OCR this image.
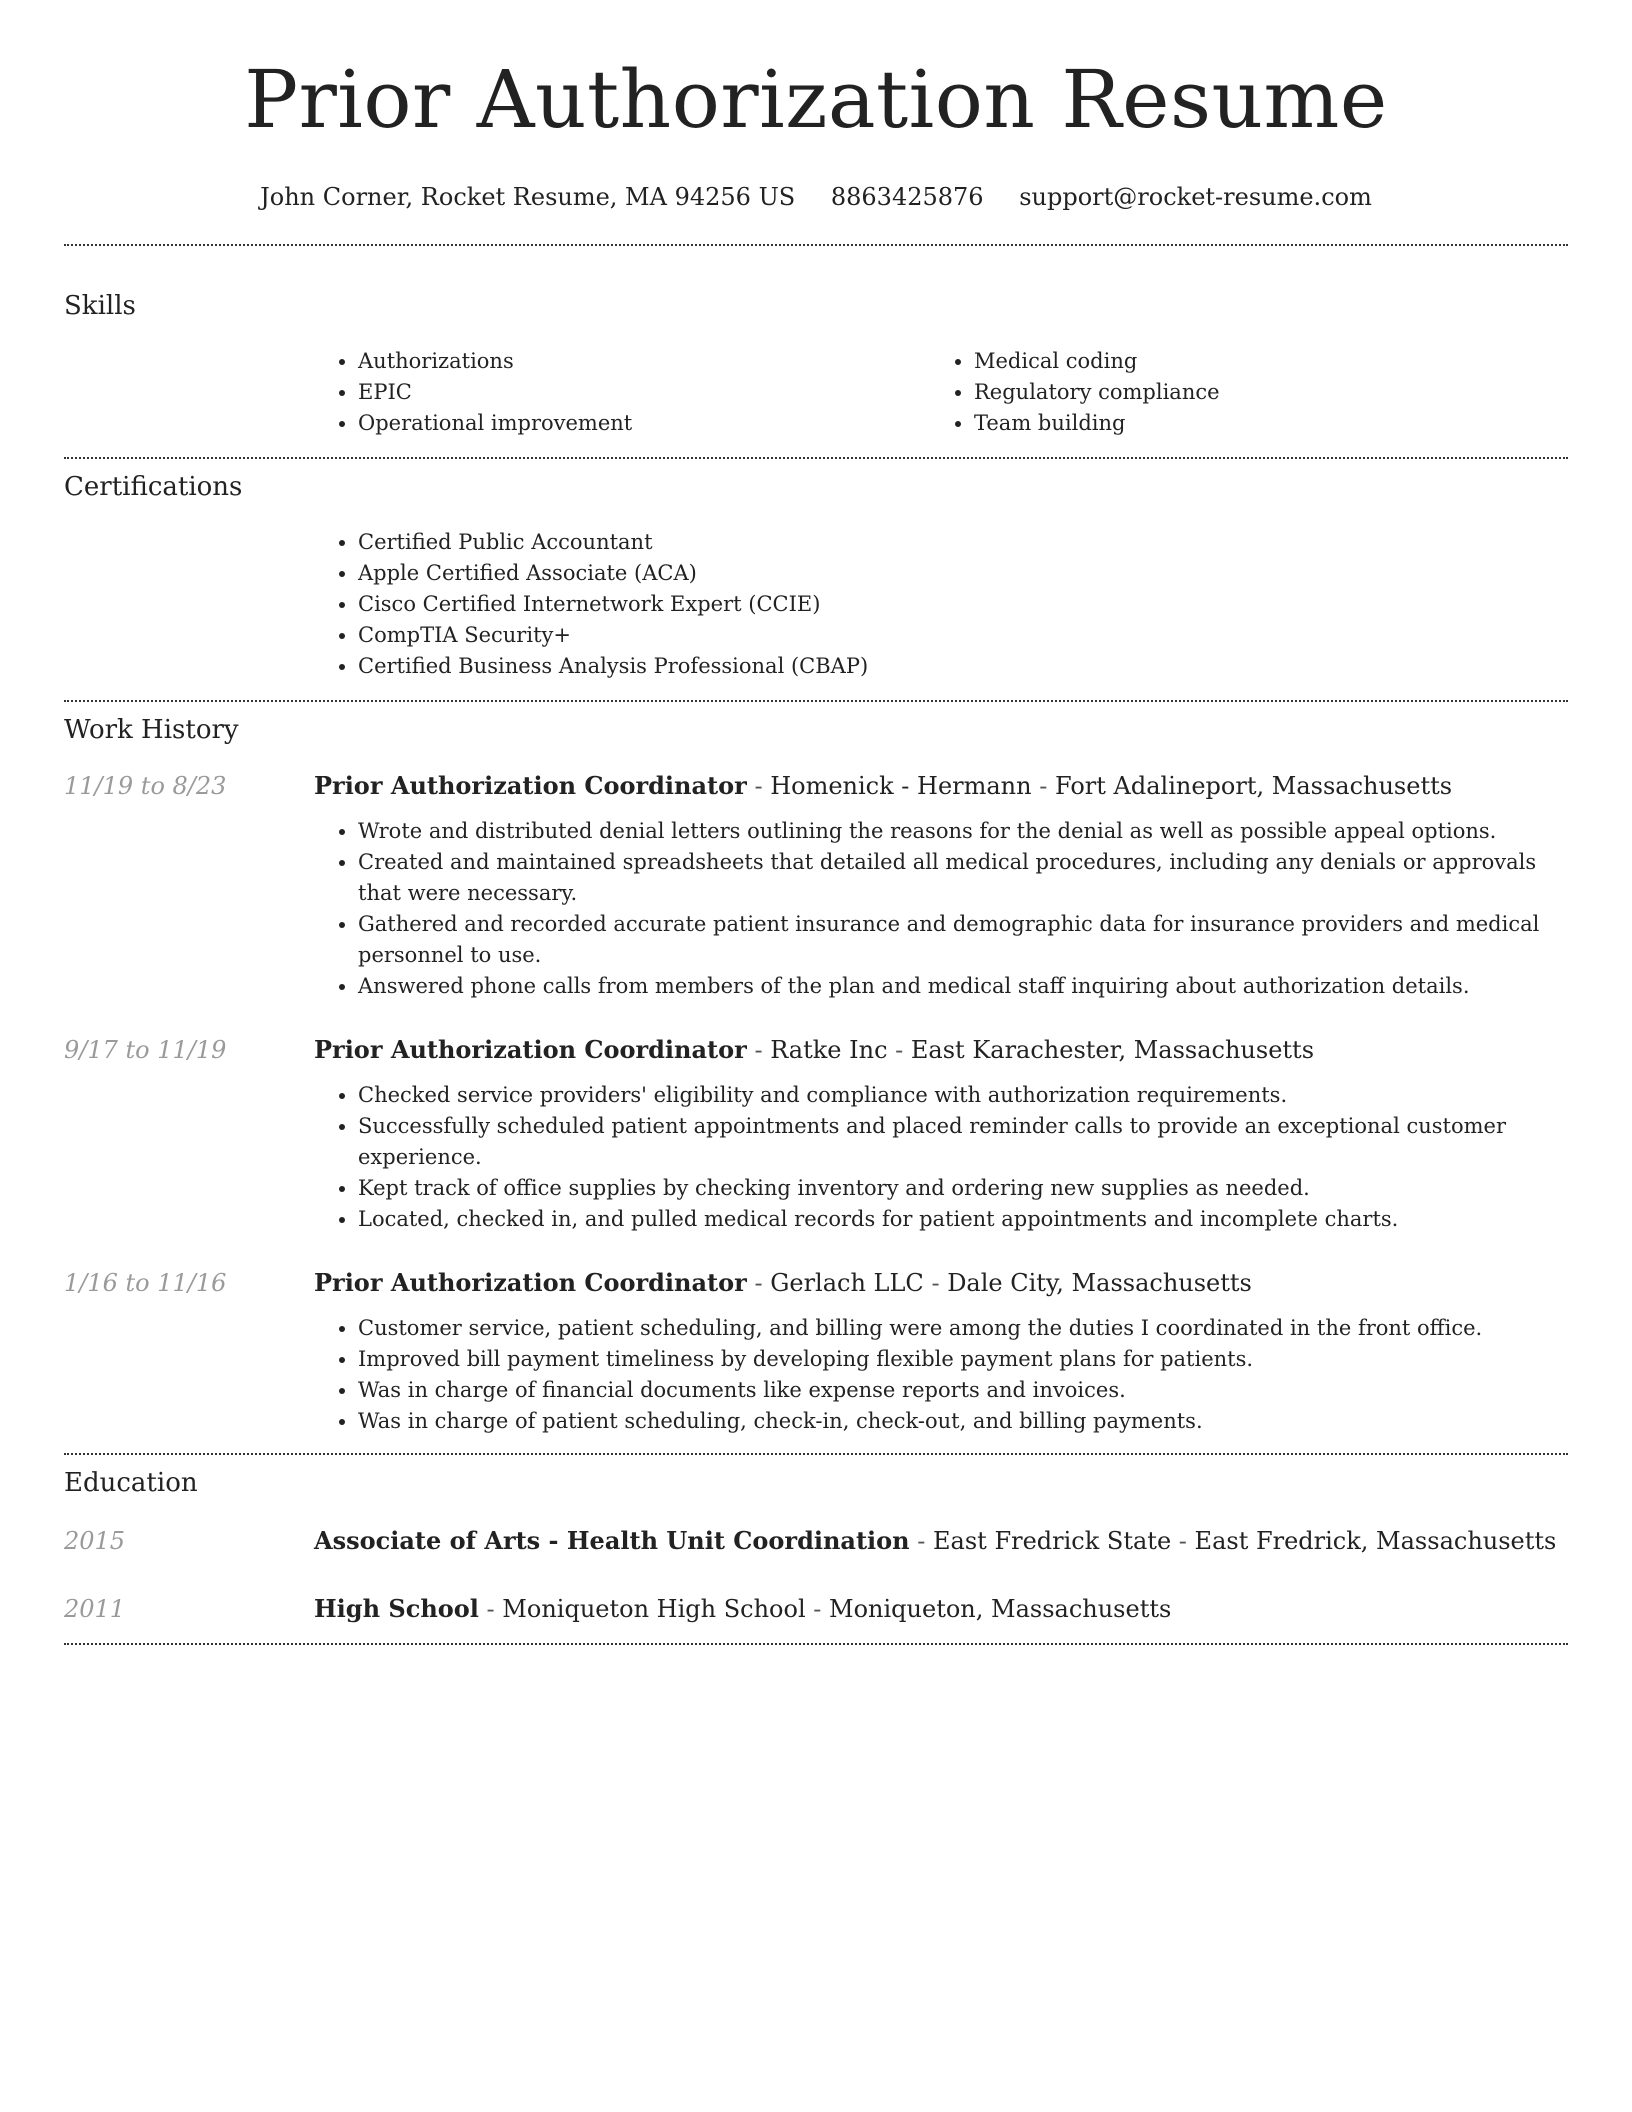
Prior Authorization Resume
John Corner, Rocket Resume, MA 94256 US 8863425876 support@rocket-resume.com
Skills
• Authorizations
• EPIC
• Operational improvement
• Medical coding
• Regulatory compliance
• Team building
Certifications
• Certified Public Accountant
• Apple Certified Associate (ACA)
• Cisco Certified Internetwork Expert (CCIE)
• CompTIA Security+
• Certified Business Analysis Professional (CBAP)
Work History
11/19 to 8/23	Prior Authorization Coordinator - Homenick - Hermann - Fort Adalineport, Massachusetts
• Wrote and distributed denial letters outlining the reasons for the denial as well as possible appeal options.
• Created and maintained spreadsheets that detailed all medical procedures, including any denials or approvals that were necessary.
• Gathered and recorded accurate patient insurance and demographic data for insurance providers and medical personnel to use.
• Answered phone calls from members of the plan and medical staff inquiring about authorization details.
9/17 to 11/19	Prior Authorization Coordinator - Ratke Inc - East Karachester, Massachusetts
• Checked service providers' eligibility and compliance with authorization requirements.
• Successfully scheduled patient appointments and placed reminder calls to provide an exceptional customer experience.
• Kept track of office supplies by checking inventory and ordering new supplies as needed.
• Located, checked in, and pulled medical records for patient appointments and incomplete charts.
1/16 to 11/16	Prior Authorization Coordinator - Gerlach LLC - Dale City, Massachusetts
• Customer service, patient scheduling, and billing were among the duties I coordinated in the front office.
• Improved bill payment timeliness by developing flexible payment plans for patients.
• Was in charge of financial documents like expense reports and invoices.
• Was in charge of patient scheduling, check-in, check-out, and billing payments.
Education
2015	Associate of Arts - Health Unit Coordination - East Fredrick State - East Fredrick, Massachusetts
2011	High School - Moniqueton High School - Moniqueton, Massachusetts
